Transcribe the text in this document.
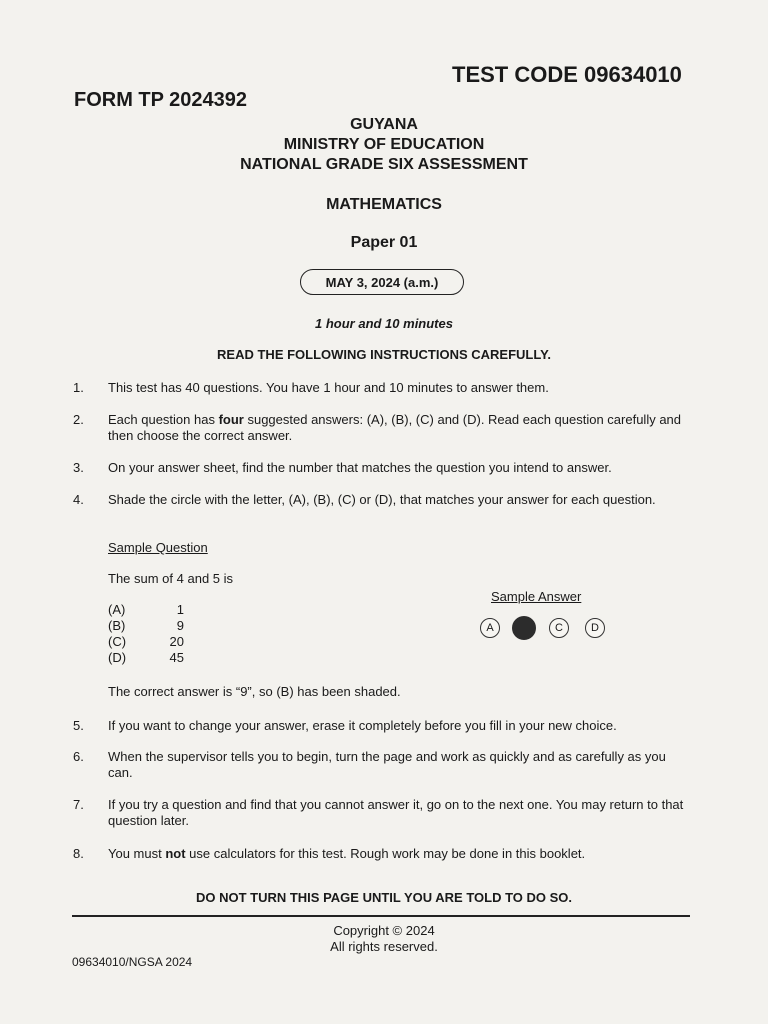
TEST CODE 09634010
FORM TP 2024392
GUYANA
MINISTRY OF EDUCATION
NATIONAL GRADE SIX ASSESSMENT
MATHEMATICS
Paper 01
MAY 3, 2024 (a.m.)
1 hour and 10 minutes
READ THE FOLLOWING INSTRUCTIONS CAREFULLY.
1. This test has 40 questions. You have 1 hour and 10 minutes to answer them.
2. Each question has four suggested answers: (A), (B), (C) and (D). Read each question carefully and then choose the correct answer.
3. On your answer sheet, find the number that matches the question you intend to answer.
4. Shade the circle with the letter, (A), (B), (C) or (D), that matches your answer for each question.
Sample Question
The sum of 4 and 5 is
(A)	1
(B)	9
(C)	20
(D)	45
Sample Answer
A	C	D
The correct answer is “9”, so (B) has been shaded.
5. If you want to change your answer, erase it completely before you fill in your new choice.
6. When the supervisor tells you to begin, turn the page and work as quickly and as carefully as you can.
7. If you try a question and find that you cannot answer it, go on to the next one. You may return to that question later.
8. You must not use calculators for this test. Rough work may be done in this booklet.
DO NOT TURN THIS PAGE UNTIL YOU ARE TOLD TO DO SO.
Copyright © 2024
All rights reserved.
09634010/NGSA 2024
